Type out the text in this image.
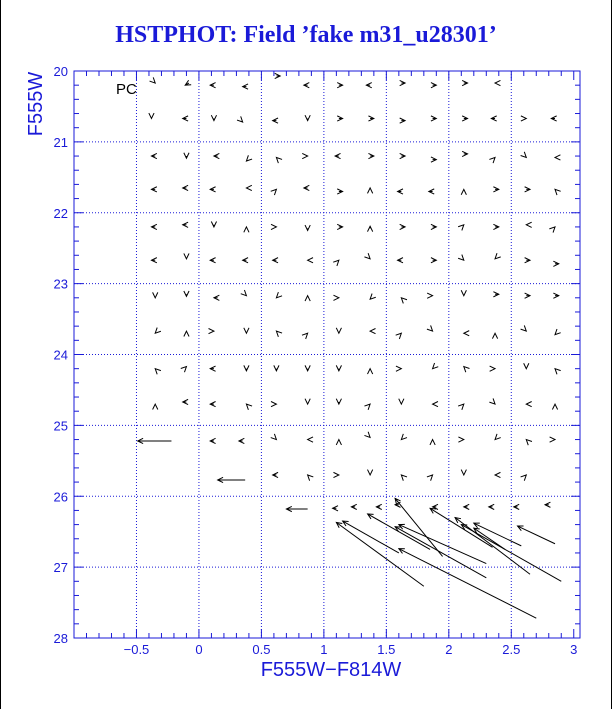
HSTPHOT: Field ’fake m31_u28301’
−0.5	0	0.5	1	1.5	2	2.5	3
20
21
22
23
24
25
26
27
28
PC
F555W−F814W
F555W
